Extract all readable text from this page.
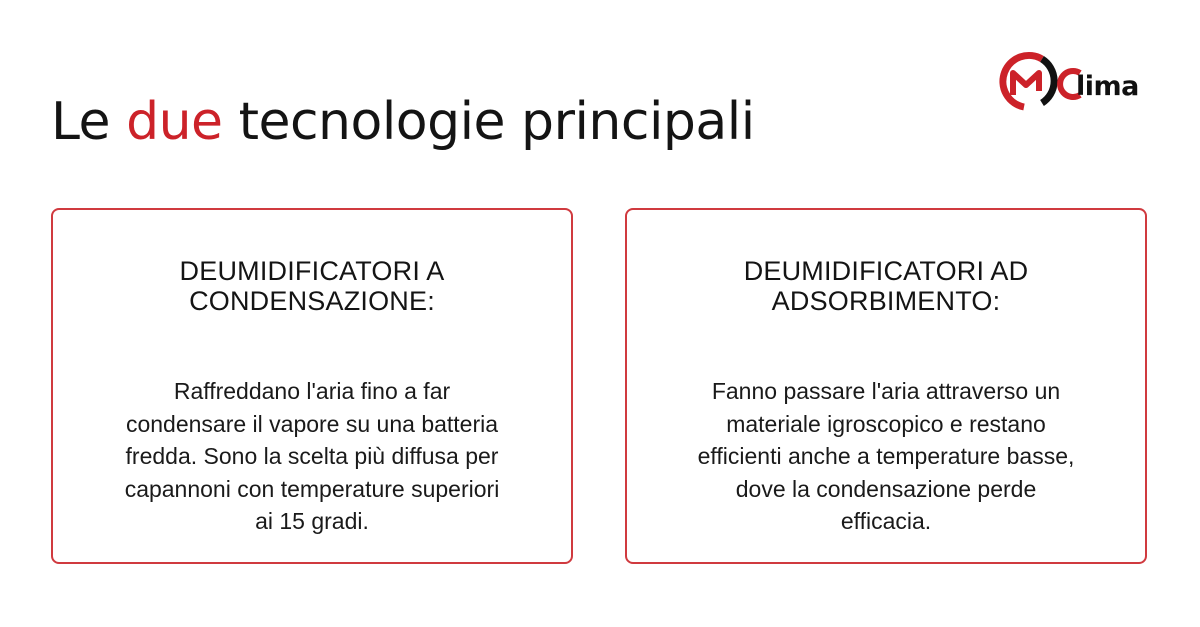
Le due tecnologie principali
lima
DEUMIDIFICATORI A
CONDENSAZIONE:

Raffreddano l'aria fino a far
condensare il vapore su una batteria
fredda. Sono la scelta più diffusa per
capannoni con temperature superiori
ai 15 gradi.

DEUMIDIFICATORI AD
ADSORBIMENTO:

Fanno passare l'aria attraverso un
materiale igroscopico e restano
efficienti anche a temperature basse,
dove la condensazione perde
efficacia.
